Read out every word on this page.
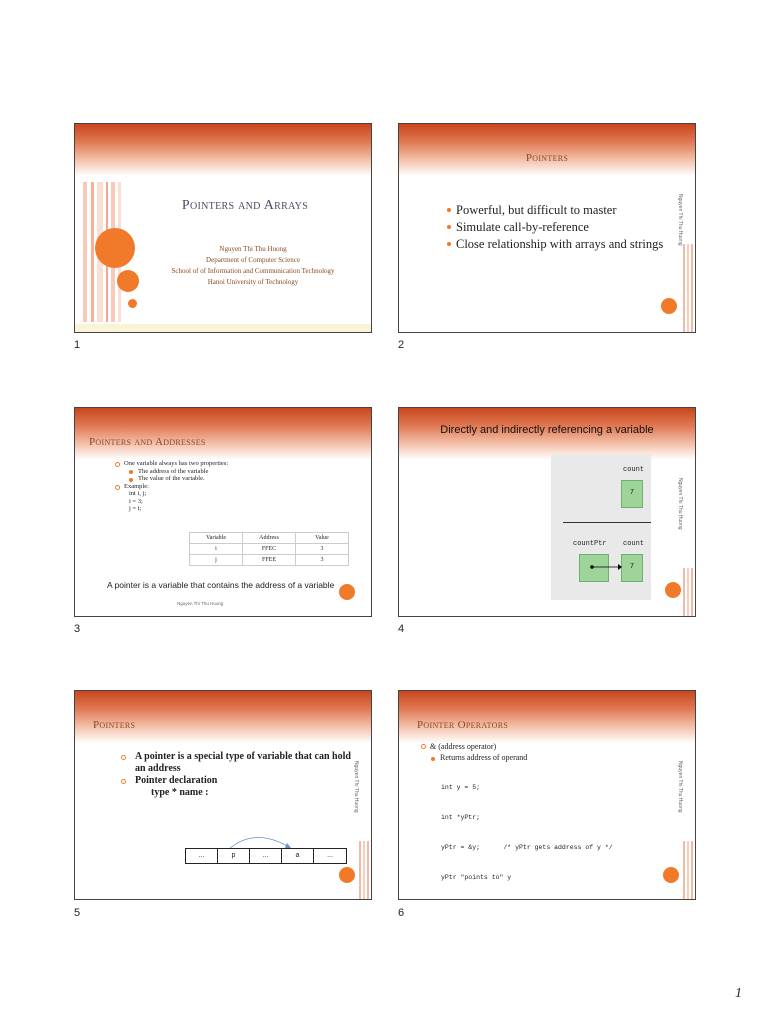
Pointers and Arrays
Nguyen Thi Thu Huong
Department of Computer Science
School of of Information and Communication Technology
Hanoi University of Technology
1
Pointers
Powerful, but difficult to master
Simulate call-by-reference
Close relationship with arrays and strings	Nguyen Thi Thu Huong
2
Pointers and Addresses
One variable always has two properties:
The address of the variable
The value of the variable.
Example:
int i, j;
i = 3;
j = i;
Variable	Address	Value
i	FFEC	3
j	FFEE	3
A pointer is a variable that contains the address of a variable
Nguyen Thi Thu Huong
3
Directly and indirectly referencing a variable
count
7
countPtr count
7
Nguyen Thi Thu Huong
4
Pointers
A pointer is a special type of variable that can hold an address
Pointer declaration
type * name :
...	p	...	a	...
Nguyen Thi Thu Huong
5
Pointer Operators
& (address operator)
Returns address of operand

int y = 5;

int *yPtr;

yPtr = &y;      /* yPtr gets address of y */

yPtr "points to" y

Nguyen Thi Thu Huong
6
1
